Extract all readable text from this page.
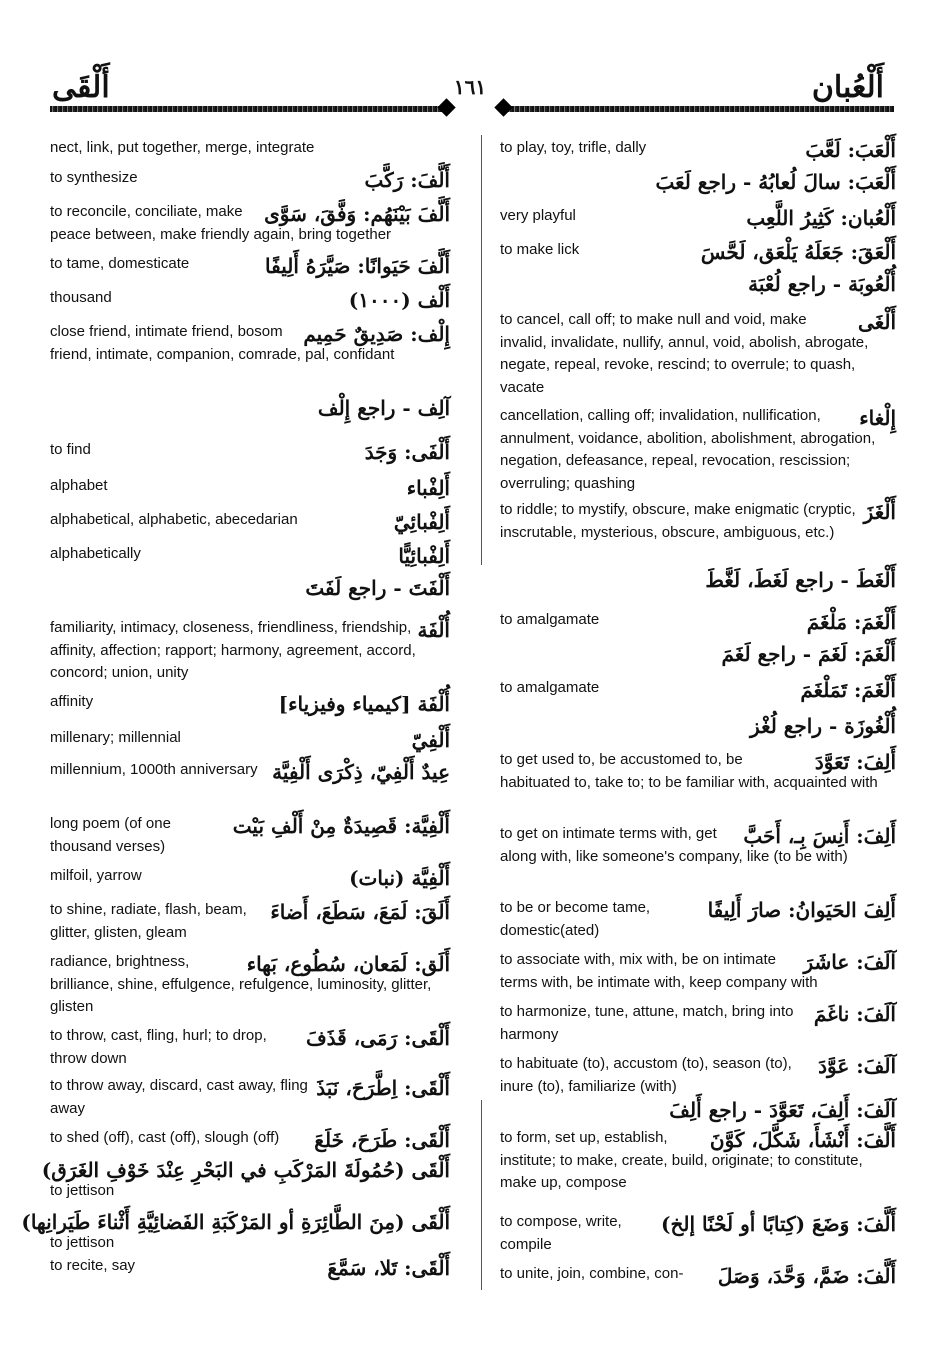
أَلْقَى	١٦١	أَلْعُبان
nect, link, put together, merge, integrate
أَلَّفَ: رَكَّبَ
to synthesize
أَلَّفَ بَيْنَهُم: وَفَّقَ، سَوَّى
to reconcile, conciliate, make peace between, make friendly again, bring together
أَلَّفَ حَيَوانًا: صَيَّرَهُ أَلِيفًا
to tame, domesticate
أَلْف (١٠٠٠)
thousand
إِلْف: صَدِيقٌ حَمِيم
close friend, intimate friend, bosom friend, intimate, companion, comrade, pal, confidant
آلِف - راجع إِلْف
أَلْفَى: وَجَدَ
to find
أَلِفْباء
alphabet
أَلِفْبائِيّ
alphabetical, alphabetic, abecedarian
أَلِفْبائِيًّا
alphabetically
أَلْفَتَ - راجع لَفَتَ
أُلْفَة
familiarity, intimacy, closeness, friendliness, friendship, affinity, affection; rapport; harmony, agreement, accord, concord; union, unity
أُلْفَة [كيمياء وفيزياء]
affinity
أَلْفِيّ
millenary; millennial
عِيدٌ أَلْفِيّ، ذِكْرَى أَلْفِيَّة
millennium, 1000th anniversary
أَلْفِيَّة: قَصِيدَةٌ مِنْ أَلْفِ بَيْت
long poem (of one thousand verses)
أَلْفِيَّة (نبات)
milfoil, yarrow
أَلَقَ: لَمَعَ، سَطَعَ، أَضاءَ
to shine, radiate, flash, beam, glitter, glisten, gleam
أَلَق: لَمَعان، سُطُوع، بَهاء
radiance, brightness, brilliance, shine, effulgence, refulgence, luminosity, glitter, glisten
أَلْقَى: رَمَى، قَذَفَ
to throw, cast, fling, hurl; to drop, throw down
أَلْقَى: اِطَّرَحَ، نَبَذَ
to throw away, discard, cast away, fling away
أَلْقَى: طَرَحَ، خَلَعَ
to shed (off), cast (off), slough (off)
أَلْقَى (حُمُولَةَ المَرْكَبِ في البَحْرِ عِنْدَ خَوْفِ الغَرَق)
to jettison
أَلْقَى (مِنَ الطَّائِرَةِ أو المَرْكَبَةِ الفَضائِيَّةِ أَثْناءَ طَيَرانِها)
to jettison
أَلْقَى: تَلا، سَمَّعَ
to recite, say
أَلْعَبَ: لَعَّبَ
to play, toy, trifle, dally
أَلْعَبَ: سالَ لُعابُهُ - راجع لَعَبَ
أَلْعُبان: كَثِيرُ اللَّعِب
very playful
أَلْعَقَ: جَعَلَهُ يَلْعَق، لَحَّسَ
to make lick
أُلْعُوبَة - راجع لُعْبَة
أَلْغَى
to cancel, call off; to make null and void, make invalid, invalidate, nullify, annul, void, abolish, abrogate, negate, repeal, revoke, rescind; to overrule; to quash, vacate
إِلْغاء
cancellation, calling off; invalidation, nullification, annulment, voidance, abolition, abolishment, abrogation, negation, defeasance, repeal, revocation, rescission; overruling; quashing
أَلْغَزَ
to riddle; to mystify, obscure, make enigmatic (cryptic, inscrutable, mysterious, obscure, ambiguous, etc.)
أَلْغَطَ - راجع لَغَطَ، لَغَّطَ
أَلْغَمَ: مَلْغَمَ
to amalgamate
أَلْغَمَ: لَغَمَ - راجع لَغَمَ
أَلْغَمَ: تَمَلْغَمَ
to amalgamate
أُلْغُوزَة - راجع لُغْز
أَلِفَ: تَعَوَّدَ
to get used to, be accustomed to, be habituated to, take to; to be familiar with, acquainted with
أَلِفَ: أَنِسَ بِـ، أَحَبَّ
to get on intimate terms with, get along with, like someone's company, like (to be with)
أَلِفَ الحَيَوانُ: صارَ أَلِيفًا
to be or become tame, domestic(ated)
آلَفَ: عاشَرَ
to associate with, mix with, be on intimate terms with, be intimate with, keep company with
آلَفَ: ناغَمَ
to harmonize, tune, attune, match, bring into harmony
آلَفَ: عَوَّدَ
to habituate (to), accustom (to), season (to), inure (to), familiarize (with)
آلَفَ: أَلِفَ، تَعَوَّدَ - راجع أَلِفَ
أَلَّفَ: أَنْشَأَ، شَكَّلَ، كَوَّنَ
to form, set up, establish, institute; to make, create, build, originate; to constitute, make up, compose
أَلَّفَ: وَضَعَ (كِتابًا أو لَحْنًا إلخ)
to compose, write, compile
أَلَّفَ: ضَمَّ، وَحَّدَ، وَصَلَ
to unite, join, combine, con-
